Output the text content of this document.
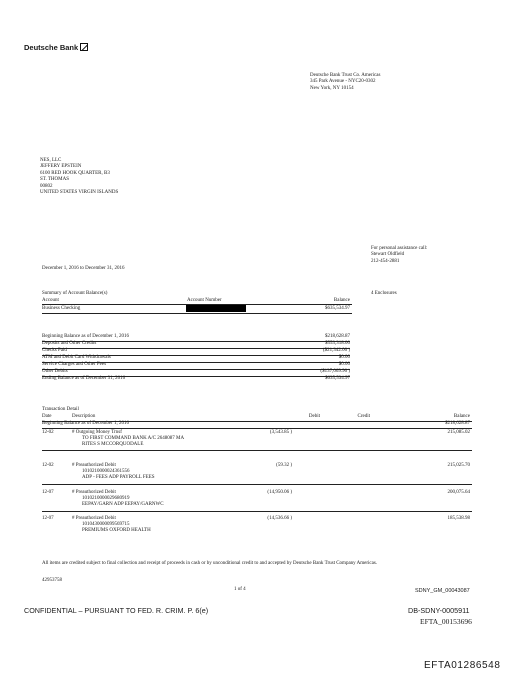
Deutsche Bank
Deutsche Bank Trust Co. Americas
345 Park Avenue - NYC20-0302
New York, NY 10154
NES, LLC
JEFFERY EPSTEIN
6100 RED HOOK QUARTER, B3
ST. THOMAS
00802
UNITED STATES VIRGIN ISLANDS
For personal assistance call:
Stewart Oldfield
212-454-2881
December 1, 2016 to December 31, 2016
Summary of Account Balance(s)	4 Enclosures
Account	Account Number	Balance
Business Checking	$635,534.97
Beginning Balance as of December 1, 2016	$218,628.87
Deposits and Other Credits	$553,318.00
Checks Paid	($21,342.00 )
ATM and Debit Card Withdrawals	$0.00
Service Charges and Other Fees	$0.00
Other Debits	($137,069.90 )
Ending Balance as of December 31, 2016	$635,534.97
Transaction Detail
Date	Description	Debit	Credit	Balance
Beginning Balance as of December 1, 2016	$218,628.87
12-02	# Outgoing Money Trnsf
TO FIRST COMMAND BANK A/C 2648087 MA
RITES S MCCORQUODALE
(3,543.85 )	215,085.02
12-02	# Preauthorized Debit
1010210000024361556
ADP - FEES ADP PAYROLL FEES
(59.32 )	215,025.70
12-07	# Preauthorized Debit
1010210000029680919
EEPAY/GARN ADP EEPAY/GARNWC
(14,950.06 )	200,075.64
12-07	# Preauthorized Debit
1010430000099569715
PREMIUMS OXFORD HEALTH
(14,536.66 )	185,538.98
All items are credited subject to final collection and receipt of proceeds in cash or by unconditional credit to and accepted by Deutsche Bank Trust Company Americas.
42953758
1 of 4	SDNY_GM_00043087
CONFIDENTIAL – PURSUANT TO FED. R. CRIM. P. 6(e)	DB-SDNY-0005911
EFTA_00153696
EFTA01286548
